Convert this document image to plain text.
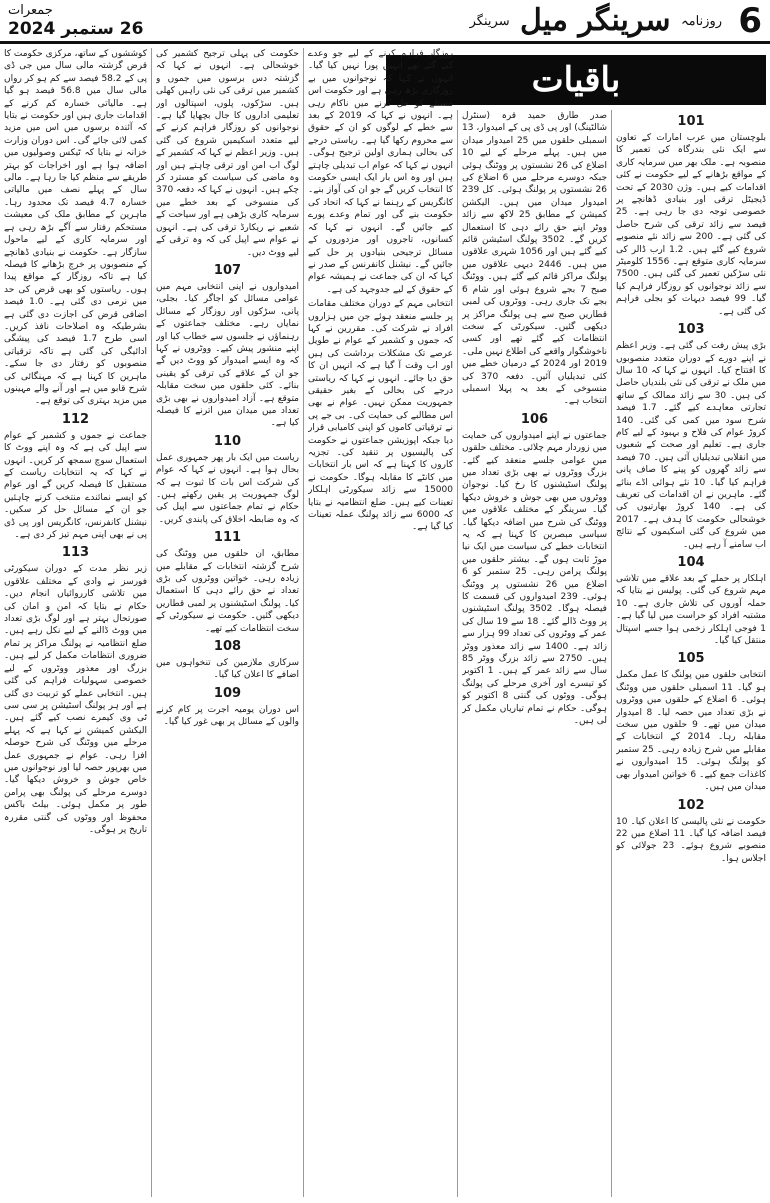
6
روزنامہ سرینگر میل سرینگر
جمعرات
26 ستمبر 2024
باقیات
101

بلوچستان میں عرب امارات کے تعاون سے ایک نئی بندرگاہ کی تعمیر کا منصوبہ ہے۔ ملک بھر میں سرمایہ کاری کے مواقع بڑھانے کے لیے حکومت نے کئی اقدامات کیے ہیں۔ وژن 2030 کے تحت ڈیجیٹل ترقی اور بنیادی ڈھانچے پر خصوصی توجہ دی جا رہی ہے۔ 25 فیصد سے زائد ترقی کی شرح حاصل کی گئی ہے۔ 200 سے زائد نئے منصوبے شروع کیے گئے ہیں۔ 1.2 ارب ڈالر کی سرمایہ کاری متوقع ہے۔ 1556 کلومیٹر نئی سڑکیں تعمیر کی گئی ہیں۔ 7500 سے زائد نوجوانوں کو روزگار فراہم کیا گیا۔ 99 فیصد دیہات کو بجلی فراہم کی گئی ہے۔

103

بڑی پیش رفت کی گئی ہے۔ وزیر اعظم نے اپنے دورے کے دوران متعدد منصوبوں کا افتتاح کیا۔ انہوں نے کہا کہ 10 سال میں ملک نے ترقی کی نئی بلندیاں حاصل کی ہیں۔ 30 سے زائد ممالک کے ساتھ تجارتی معاہدے کیے گئے۔ 1.7 فیصد شرح سود میں کمی کی گئی۔ 140 کروڑ عوام کی فلاح و بہبود کے لیے کام جاری ہے۔ تعلیم اور صحت کے شعبوں میں انقلابی تبدیلیاں آئی ہیں۔ 70 فیصد سے زائد گھروں کو پینے کا صاف پانی فراہم کیا گیا۔ 10 نئے ہوائی اڈے بنائے گئے۔ ماہرین نے ان اقدامات کی تعریف کی ہے۔ 140 کروڑ بھارتیوں کی خوشحالی حکومت کا ہدف ہے۔ 2017 میں شروع کی گئی اسکیموں کے نتائج اب سامنے آ رہے ہیں۔

104

اہلکار پر حملے کے بعد علاقے میں تلاشی مہم شروع کی گئی۔ پولیس نے بتایا کہ حملہ آوروں کی تلاش جاری ہے۔ 10 مشتبہ افراد کو حراست میں لیا گیا ہے۔ 1 فوجی اہلکار زخمی ہوا جسے اسپتال منتقل کیا گیا۔

105

انتخابی حلقوں میں پولنگ کا عمل مکمل ہو گیا۔ 11 اسمبلی حلقوں میں ووٹنگ ہوئی۔ 6 اضلاع کے حلقوں میں ووٹروں نے بڑی تعداد میں حصہ لیا۔ 8 امیدوار میدان میں تھے۔ 9 حلقوں میں سخت مقابلہ رہا۔ 2014 کے انتخابات کے مقابلے میں شرح زیادہ رہی۔ 25 ستمبر کو پولنگ ہوئی۔ 15 امیدواروں نے کاغذات جمع کیے۔ 6 خواتین امیدوار بھی میدان میں ہیں۔

102

حکومت نے نئی پالیسی کا اعلان کیا۔ 10 فیصد اضافہ کیا گیا۔ 11 اضلاع میں 22 منصوبے شروع ہوئے۔ 23 جولائی کو اجلاس ہوا۔

صدر طارق حمید قرہ (سنٹرل شالٹینگ) اور پی ڈی پی کے امیدوار، 13 اسمبلی حلقوں میں 25 امیدوار میدان میں ہیں۔ پہلے مرحلے کے لیے 10 اضلاع کی 26 نشستوں پر ووٹنگ ہوئی جبکہ دوسرے مرحلے میں 6 اضلاع کی 26 نشستوں پر پولنگ ہوئی۔ کل 239 امیدوار میدان میں ہیں۔ الیکشن کمیشن کے مطابق 25 لاکھ سے زائد ووٹر اپنے حق رائے دہی کا استعمال کریں گے۔ 3502 پولنگ اسٹیشن قائم کیے گئے ہیں اور 1056 شہری علاقوں میں ہیں۔ 2446 دیہی علاقوں میں پولنگ مراکز قائم کیے گئے ہیں۔ ووٹنگ صبح 7 بجے شروع ہوئی اور شام 6 بجے تک جاری رہی۔ ووٹروں کی لمبی قطاریں صبح سے ہی پولنگ مراکز پر دیکھی گئیں۔ سیکورٹی کے سخت انتظامات کیے گئے تھے اور کسی ناخوشگوار واقعے کی اطلاع نہیں ملی۔ 2019 اور 2024 کے درمیان خطے میں کئی تبدیلیاں آئیں۔ دفعہ 370 کی منسوخی کے بعد یہ پہلا اسمبلی انتخاب ہے۔

106

جماعتوں نے اپنے امیدواروں کی حمایت میں زوردار مہم چلائی۔ مختلف حلقوں میں عوامی جلسے منعقد کیے گئے۔ بزرگ ووٹروں نے بھی بڑی تعداد میں پولنگ اسٹیشنوں کا رخ کیا۔ نوجوان ووٹروں میں بھی جوش و خروش دیکھا گیا۔ سرینگر کے مختلف علاقوں میں ووٹنگ کی شرح میں اضافہ دیکھا گیا۔ سیاسی مبصرین کا کہنا ہے کہ یہ انتخابات خطے کی سیاست میں ایک نیا موڑ ثابت ہوں گے۔ بیشتر حلقوں میں پولنگ پرامن رہی۔ 25 ستمبر کو 6 اضلاع میں 26 نشستوں پر ووٹنگ ہوئی۔ 239 امیدواروں کی قسمت کا فیصلہ ہوگا۔ 3502 پولنگ اسٹیشنوں پر ووٹ ڈالے گئے۔ 18 سے 19 سال کی عمر کے ووٹروں کی تعداد 99 ہزار سے زائد ہے۔ 1400 سے زائد معذور ووٹر ہیں۔ 2750 سے زائد بزرگ ووٹر 85 سال سے زائد عمر کے ہیں۔ 1 اکتوبر کو تیسرے اور آخری مرحلے کی پولنگ ہوگی۔ ووٹوں کی گنتی 8 اکتوبر کو ہوگی۔ حکام نے تمام تیاریاں مکمل کر لی ہیں۔

روزگار فراہم کرنے کے لیے جو وعدے کیے گئے تھے انہیں پورا نہیں کیا گیا۔ انہوں نے کہا کہ نوجوانوں میں بے روزگاری بڑھ رہی ہے اور حکومت اس مسئلے کو حل کرنے میں ناکام رہی ہے۔ انہوں نے کہا کہ 2019 کے بعد سے خطے کے لوگوں کو ان کے حقوق سے محروم رکھا گیا ہے۔ ریاستی درجے کی بحالی ہماری اولین ترجیح ہوگی۔ انہوں نے کہا کہ عوام اب تبدیلی چاہتے ہیں اور وہ اس بار ایک ایسی حکومت کا انتخاب کریں گے جو ان کی آواز بنے۔ کانگریس کے رہنما نے کہا کہ اتحاد کی حکومت بنے گی اور تمام وعدے پورے کیے جائیں گے۔ انہوں نے کہا کہ کسانوں، تاجروں اور مزدوروں کے مسائل ترجیحی بنیادوں پر حل کیے جائیں گے۔ نیشنل کانفرنس کے صدر نے کہا کہ ان کی جماعت نے ہمیشہ عوام کے حقوق کے لیے جدوجہد کی ہے۔

انتخابی مہم کے دوران مختلف مقامات پر جلسے منعقد ہوئے جن میں ہزاروں افراد نے شرکت کی۔ مقررین نے کہا کہ جموں و کشمیر کے عوام نے طویل عرصے تک مشکلات برداشت کی ہیں اور اب وقت آ گیا ہے کہ انہیں ان کا حق دیا جائے۔ انہوں نے کہا کہ ریاستی درجے کی بحالی کے بغیر حقیقی جمہوریت ممکن نہیں۔ عوام نے بھی اس مطالبے کی حمایت کی۔ بی جے پی نے ترقیاتی کاموں کو اپنی کامیابی قرار دیا جبکہ اپوزیشن جماعتوں نے حکومت کی پالیسیوں پر تنقید کی۔ تجزیہ کاروں کا کہنا ہے کہ اس بار انتخابات میں کانٹے کا مقابلہ ہوگا۔ حکومت نے 15000 سے زائد سیکورٹی اہلکار تعینات کیے ہیں۔ ضلع انتظامیہ نے بتایا کہ 6000 سے زائد پولنگ عملہ تعینات کیا گیا ہے۔

حکومت کی پہلی ترجیح کشمیر کی خوشحالی ہے۔ انہوں نے کہا کہ گزشتہ دس برسوں میں جموں و کشمیر میں ترقی کی نئی راہیں کھلی ہیں۔ سڑکوں، پلوں، اسپتالوں اور تعلیمی اداروں کا جال بچھایا گیا ہے۔ نوجوانوں کو روزگار فراہم کرنے کے لیے متعدد اسکیمیں شروع کی گئی ہیں۔ وزیر اعظم نے کہا کہ کشمیر کے لوگ اب امن اور ترقی چاہتے ہیں اور وہ ماضی کی سیاست کو مسترد کر چکے ہیں۔ انہوں نے کہا کہ دفعہ 370 کی منسوخی کے بعد خطے میں سرمایہ کاری بڑھی ہے اور سیاحت کے شعبے نے ریکارڈ ترقی کی ہے۔ انہوں نے عوام سے اپیل کی کہ وہ ترقی کے لیے ووٹ دیں۔

107

امیدواروں نے اپنی انتخابی مہم میں عوامی مسائل کو اجاگر کیا۔ بجلی، پانی، سڑکوں اور روزگار کے مسائل نمایاں رہے۔ مختلف جماعتوں کے رہنماؤں نے جلسوں سے خطاب کیا اور اپنے منشور پیش کیے۔ ووٹروں نے کہا کہ وہ ایسے امیدوار کو ووٹ دیں گے جو ان کے علاقے کی ترقی کو یقینی بنائے۔ کئی حلقوں میں سخت مقابلہ متوقع ہے۔ آزاد امیدواروں نے بھی بڑی تعداد میں میدان میں اترنے کا فیصلہ کیا ہے۔

110

ریاست میں ایک بار پھر جمہوری عمل بحال ہوا ہے۔ انہوں نے کہا کہ عوام کی شرکت اس بات کا ثبوت ہے کہ لوگ جمہوریت پر یقین رکھتے ہیں۔ حکام نے تمام جماعتوں سے اپیل کی کہ وہ ضابطہ اخلاق کی پابندی کریں۔

111

مطابق، ان حلقوں میں ووٹنگ کی شرح گزشتہ انتخابات کے مقابلے میں زیادہ رہی۔ خواتین ووٹروں کی بڑی تعداد نے حق رائے دہی کا استعمال کیا۔ پولنگ اسٹیشنوں پر لمبی قطاریں دیکھی گئیں۔ حکومت نے سیکورٹی کے سخت انتظامات کیے تھے۔

108

سرکاری ملازمین کی تنخواہوں میں اضافے کا اعلان کیا گیا۔

109

اس دوران یومیہ اجرت پر کام کرنے والوں کے مسائل پر بھی غور کیا گیا۔

کوششوں کے ساتھ، مرکزی حکومت کا قرض گزشتہ مالی سال میں جی ڈی پی کے 58.2 فیصد سے کم ہو کر رواں مالی سال میں 56.8 فیصد ہو گیا ہے۔ مالیاتی خسارہ کم کرنے کے اقدامات جاری ہیں اور حکومت نے بتایا کہ آئندہ برسوں میں اس میں مزید کمی لائی جائے گی۔ اس دوران وزارت خزانہ نے بتایا کہ ٹیکس وصولیوں میں اضافہ ہوا ہے اور اخراجات کو بہتر طریقے سے منظم کیا جا رہا ہے۔ مالی سال کے پہلے نصف میں مالیاتی خسارہ 4.7 فیصد تک محدود رہا۔ ماہرین کے مطابق ملک کی معیشت مستحکم رفتار سے آگے بڑھ رہی ہے اور سرمایہ کاری کے لیے ماحول سازگار ہے۔ حکومت نے بنیادی ڈھانچے کے منصوبوں پر خرچ بڑھانے کا فیصلہ کیا ہے تاکہ روزگار کے مواقع پیدا ہوں۔ ریاستوں کو بھی قرض کی حد میں نرمی دی گئی ہے۔ 1.0 فیصد اضافی قرض کی اجازت دی گئی ہے بشرطیکہ وہ اصلاحات نافذ کریں۔ اسی طرح 1.7 فیصد کی پیشگی ادائیگی کی گئی ہے تاکہ ترقیاتی منصوبوں کو رفتار دی جا سکے۔ ماہرین کا کہنا ہے کہ مہنگائی کی شرح قابو میں ہے اور آنے والے مہینوں میں مزید بہتری کی توقع ہے۔

112

جماعت نے جموں و کشمیر کے عوام سے اپیل کی ہے کہ وہ اپنے ووٹ کا استعمال سوچ سمجھ کر کریں۔ انہوں نے کہا کہ یہ انتخابات ریاست کے مستقبل کا فیصلہ کریں گے اور عوام کو ایسے نمائندے منتخب کرنے چاہئیں جو ان کے مسائل حل کر سکیں۔ نیشنل کانفرنس، کانگریس اور پی ڈی پی نے بھی اپنی مہم تیز کر دی ہے۔

113

زیر نظر مدت کے دوران سیکورٹی فورسز نے وادی کے مختلف علاقوں میں تلاشی کارروائیاں انجام دیں۔ حکام نے بتایا کہ امن و امان کی صورتحال بہتر ہے اور لوگ بڑی تعداد میں ووٹ ڈالنے کے لیے نکل رہے ہیں۔ ضلع انتظامیہ نے پولنگ مراکز پر تمام ضروری انتظامات مکمل کر لیے ہیں۔ بزرگ اور معذور ووٹروں کے لیے خصوصی سہولیات فراہم کی گئی ہیں۔ انتخابی عملے کو تربیت دی گئی ہے اور ہر پولنگ اسٹیشن پر سی سی ٹی وی کیمرے نصب کیے گئے ہیں۔ الیکشن کمیشن نے کہا ہے کہ پہلے مرحلے میں ووٹنگ کی شرح حوصلہ افزا رہی۔ عوام نے جمہوری عمل میں بھرپور حصہ لیا اور نوجوانوں میں خاص جوش و خروش دیکھا گیا۔ دوسرے مرحلے کی پولنگ بھی پرامن طور پر مکمل ہوئی۔ بیلٹ باکس محفوظ اور ووٹوں کی گنتی مقررہ تاریخ پر ہوگی۔
